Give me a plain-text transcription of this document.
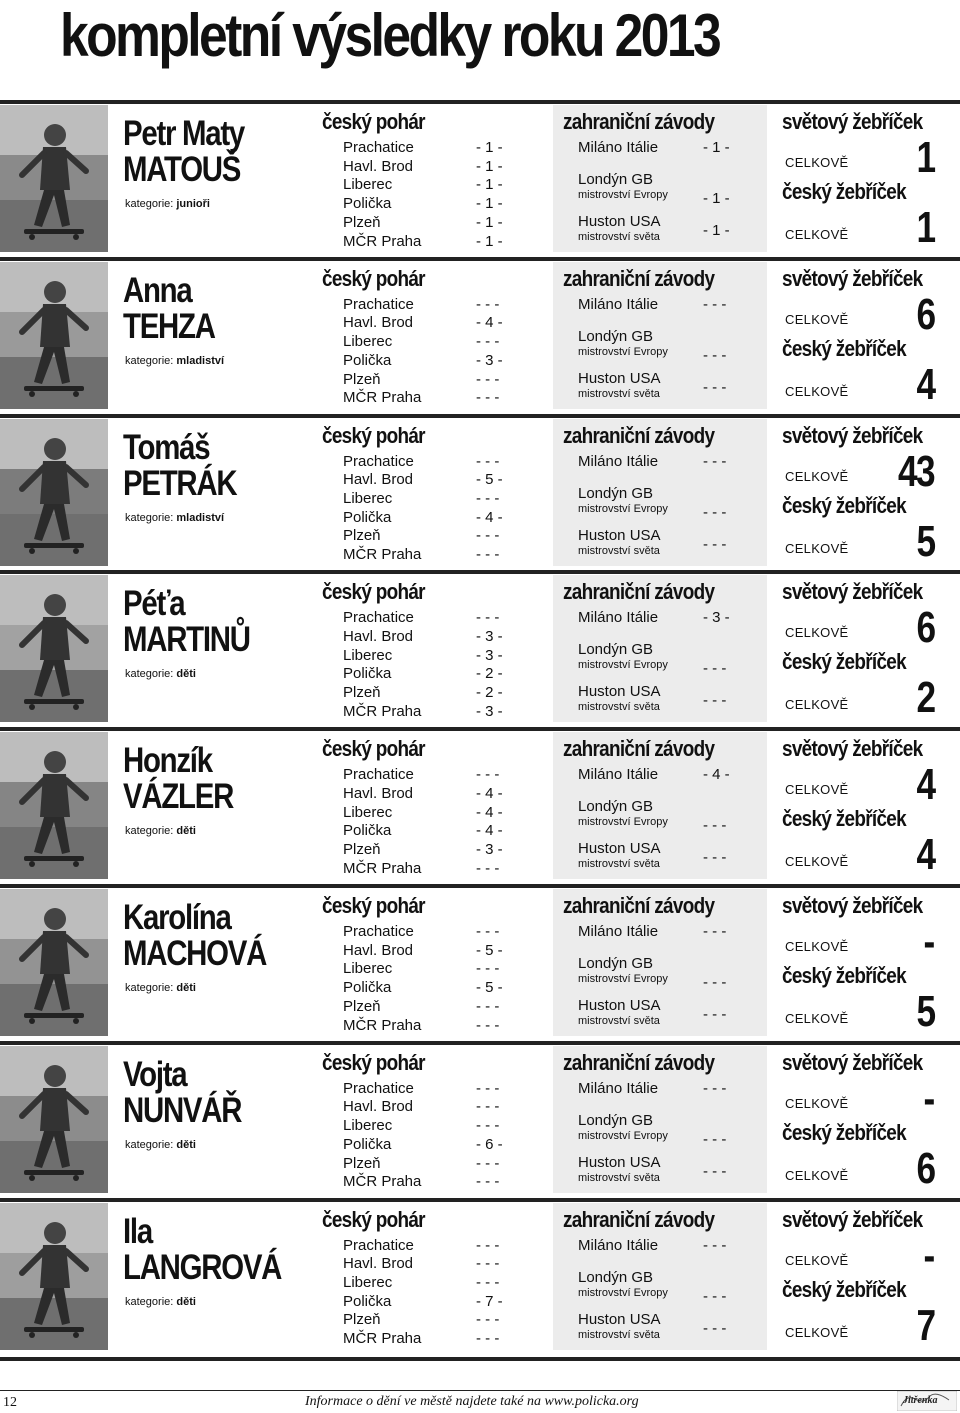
kompletní výsledky roku 2013
Petr Maty
MATOUŠ
kategorie: junioři
český pohár
Prachatice	- 1 -
Havl. Brod	- 1 -
Liberec	- 1 -
Polička	- 1 -
Plzeň	- 1 -
MČR Praha	- 1 -
zahraniční závody
Miláno Itálie	- 1 -
Londýn GB
mistrovství Evropy - 1 -
Huston USA
mistrovství světa	- 1 -
světový žebříček
CELKOVĚ 1
český žebříček
CELKOVĚ 1
Anna
TEHZA
kategorie: mladiství
český pohár
Prachatice	- - -
Havl. Brod	- 4 -
Liberec	- - -
Polička	- 3 -
Plzeň	- - -
MČR Praha	- - -
zahraniční závody
Miláno Itálie	- - -
Londýn GB
mistrovství Evropy - - -
Huston USA
mistrovství světa	- - -
světový žebříček
CELKOVĚ 6
český žebříček
CELKOVĚ 4
Tomáš
PETRÁK
kategorie: mladiství
český pohár
Prachatice	- - -
Havl. Brod	- 5 -
Liberec	- - -
Polička	- 4 -
Plzeň	- - -
MČR Praha	- - -
zahraniční závody
Miláno Itálie	- - -
Londýn GB
mistrovství Evropy - - -
Huston USA
mistrovství světa	- - -
světový žebříček
CELKOVĚ 43
český žebříček
CELKOVĚ 5
Péťa
MARTINŮ
kategorie: děti
český pohár
Prachatice	- - -
Havl. Brod	- 3 -
Liberec	- 3 -
Polička	- 2 -
Plzeň	- 2 -
MČR Praha	- 3 -
zahraniční závody
Miláno Itálie	- 3 -
Londýn GB
mistrovství Evropy - - -
Huston USA
mistrovství světa	- - -
světový žebříček
CELKOVĚ 6
český žebříček
CELKOVĚ 2
Honzík
VÁZLER
kategorie: děti
český pohár
Prachatice	- - -
Havl. Brod	- 4 -
Liberec	- 4 -
Polička	- 4 -
Plzeň	- 3 -
MČR Praha	- - -
zahraniční závody
Miláno Itálie	- 4 -
Londýn GB
mistrovství Evropy - - -
Huston USA
mistrovství světa	- - -
světový žebříček
CELKOVĚ 4
český žebříček
CELKOVĚ 4
Karolína
MACHOVÁ
kategorie: děti
český pohár
Prachatice	- - -
Havl. Brod	- 5 -
Liberec	- - -
Polička	- 5 -
Plzeň	- - -
MČR Praha	- - -
zahraniční závody
Miláno Itálie	- - -
Londýn GB
mistrovství Evropy - - -
Huston USA
mistrovství světa	- - -
světový žebříček
CELKOVĚ -
český žebříček
CELKOVĚ 5
Vojta
NUNVÁŘ
kategorie: děti
český pohár
Prachatice	- - -
Havl. Brod	- - -
Liberec	- - -
Polička	- 6 -
Plzeň	- - -
MČR Praha	- - -
zahraniční závody
Miláno Itálie	- - -
Londýn GB
mistrovství Evropy - - -
Huston USA
mistrovství světa	- - -
světový žebříček
CELKOVĚ -
český žebříček
CELKOVĚ 6
Ila
LANGROVÁ
kategorie: děti
český pohár
Prachatice	- - -
Havl. Brod	- - -
Liberec	- - -
Polička	- 7 -
Plzeň	- - -
MČR Praha	- - -
zahraniční závody
Miláno Itálie	- - -
Londýn GB
mistrovství Evropy - - -
Huston USA
mistrovství světa	- - -
světový žebříček
CELKOVĚ -
český žebříček
CELKOVĚ 7
12	Informace o dění ve městě najdete také na www.policka.org	Jitřenka
